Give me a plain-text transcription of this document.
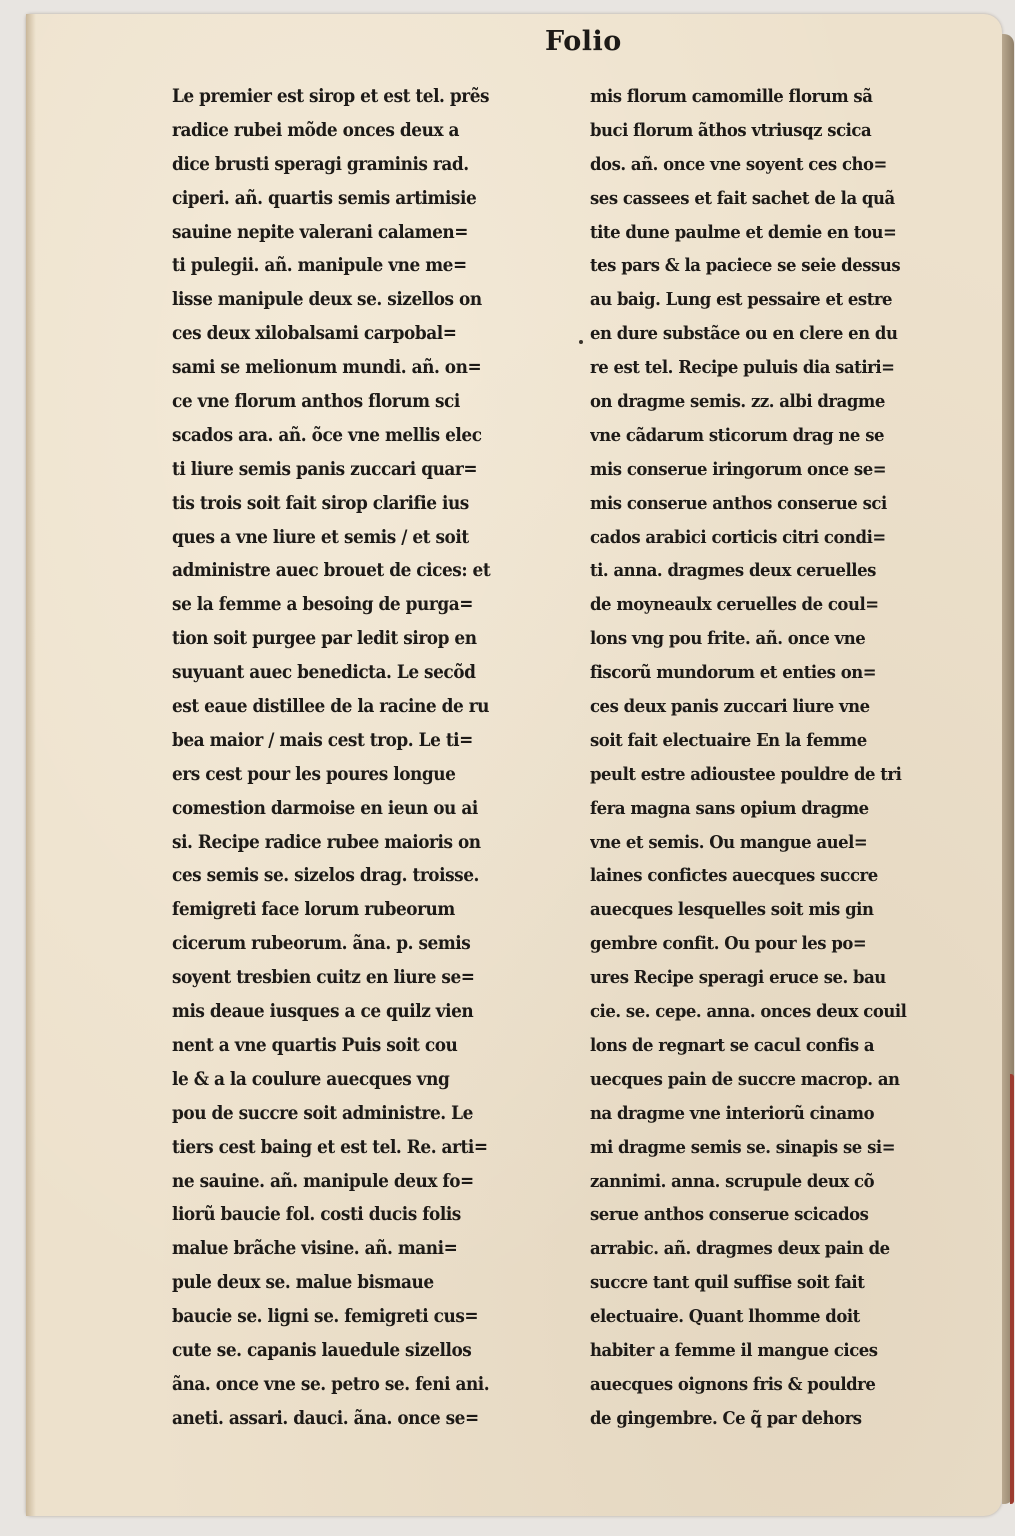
Folio
Le premier est sirop et est tel. prẽs
radice rubei mõde onces deux a
dice brusti speragi graminis rad.
ciperi. añ. quartis semis artimisie
sauine nepite valerani calamen=
ti pulegii. añ. manipule vne me=
lisse manipule deux se. sizellos on
ces deux xilobalsami carpobal=
sami se melionum mundi. añ. on=
ce vne florum anthos florum sci
scados ara. añ. õce vne mellis elec
ti liure semis panis zuccari quar=
tis trois soit fait sirop clarifie ius
ques a vne liure et semis / et soit
administre auec brouet de cices: et
se la femme a besoing de purga=
tion soit purgee par ledit sirop en
suyuant auec benedicta. Le secõd
est eaue distillee de la racine de ru
bea maior / mais cest trop. Le ti=
ers cest pour les poures longue
comestion darmoise en ieun ou ai
si. Recipe radice rubee maioris on
ces semis se. sizelos drag. troisse.
femigreti face lorum rubeorum
cicerum rubeorum. ãna. p. semis
soyent tresbien cuitz en liure se=
mis deaue iusques a ce quilz vien
nent a vne quartis Puis soit cou
le & a la coulure auecques vng
pou de succre soit administre. Le
tiers cest baing et est tel. Re. arti=
ne sauine. añ. manipule deux fo=
liorũ baucie fol. costi ducis folis
malue brãche visine. añ. mani=
pule deux se. malue bismaue
baucie se. ligni se. femigreti cus=
cute se. capanis lauedule sizellos
ãna. once vne se. petro se. feni ani.
aneti. assari. dauci. ãna. once se=
mis florum camomille florum sã
buci florum ãthos vtriusqz scica
dos. añ. once vne soyent ces cho=
ses cassees et fait sachet de la quã
tite dune paulme et demie en tou=
tes pars & la paciece se seie dessus
au baig. Lung est pessaire et estre
en dure substãce ou en clere en du
re est tel. Recipe puluis dia satiri=
on dragme semis. zz. albi dragme
vne cãdarum sticorum drag ne se
mis conserue iringorum once se=
mis conserue anthos conserue sci
cados arabici corticis citri condi=
ti. anna. dragmes deux ceruelles
de moyneaulx ceruelles de coul=
lons vng pou frite. añ. once vne
fiscorũ mundorum et enties on=
ces deux panis zuccari liure vne
soit fait electuaire En la femme
peult estre adioustee pouldre de tri
fera magna sans opium dragme
vne et semis. Ou mangue auel=
laines confictes auecques succre
auecques lesquelles soit mis gin
gembre confit. Ou pour les po=
ures Recipe speragi eruce se. bau
cie. se. cepe. anna. onces deux couil
lons de regnart se cacul confis a
uecques pain de succre macrop. an
na dragme vne interiorũ cinamo
mi dragme semis se. sinapis se si=
zannimi. anna. scrupule deux cõ
serue anthos conserue scicados
arrabic. añ. dragmes deux pain de
succre tant quil suffise soit fait
electuaire. Quant lhomme doit
habiter a femme il mangue cices
auecques oignons fris & pouldre
de gingembre. Ce q̃ par dehors
